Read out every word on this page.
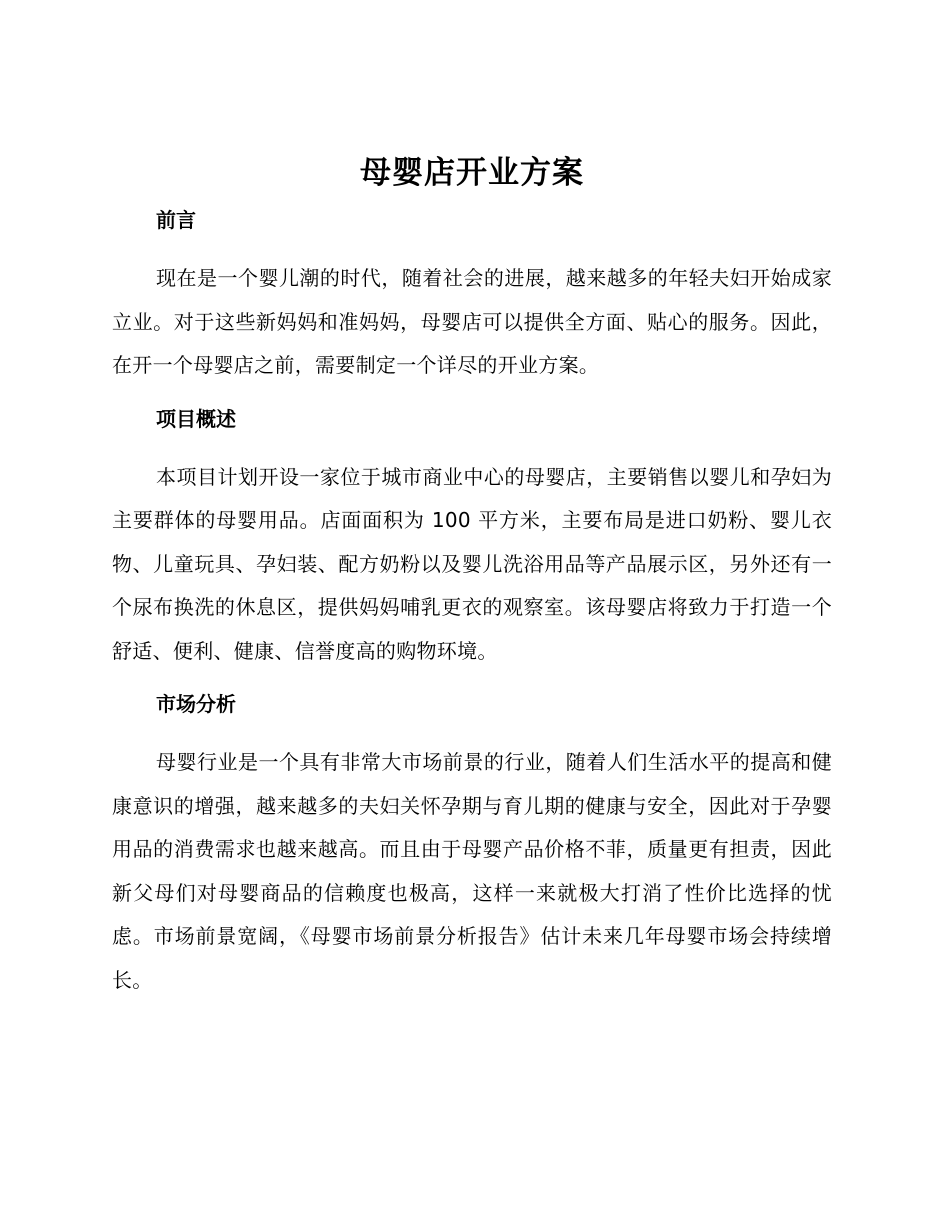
母婴店开业方案
前言

现在是一个婴儿潮的时代，随着社会的进展，越来越多的年轻夫妇开始成家立业。对于这些新妈妈和准妈妈，母婴店可以提供全方面、贴心的服务。因此，在开一个母婴店之前，需要制定一个详尽的开业方案。

项目概述

本项目计划开设一家位于城市商业中心的母婴店，主要销售以婴儿和孕妇为主要群体的母婴用品。店面面积为 100 平方米，主要布局是进口奶粉、婴儿衣物、儿童玩具、孕妇装、配方奶粉以及婴儿洗浴用品等产品展示区，另外还有一个尿布换洗的休息区，提供妈妈哺乳更衣的观察室。该母婴店将致力于打造一个舒适、便利、健康、信誉度高的购物环境。

市场分析

母婴行业是一个具有非常大市场前景的行业，随着人们生活水平的提高和健康意识的增强，越来越多的夫妇关怀孕期与育儿期的健康与安全，因此对于孕婴用品的消费需求也越来越高。而且由于母婴产品价格不菲，质量更有担责，因此新父母们对母婴商品的信赖度也极高，这样一来就极大打消了性价比选择的忧虑。市场前景宽阔，《母婴市场前景分析报告》估计未来几年母婴市场会持续增长。
